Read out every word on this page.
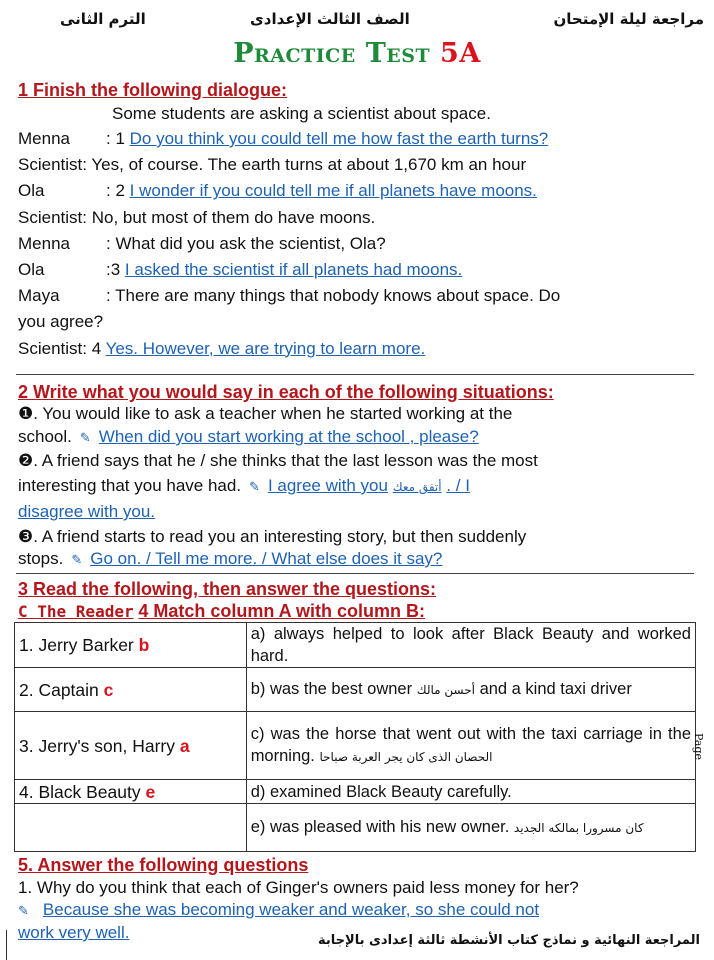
الترم الثانى	الصف الثالث الإعدادى	مراجعة ليلة الإمتحان
Practice Test 5A
1 Finish the following dialogue:
Some students are asking a scientist about space.
Menna : 1 Do you think you could tell me how fast the earth turns?
Scientist: Yes, of course. The earth turns at about 1,670 km an hour
Ola	: 2 I wonder if you could tell me if all planets have moons.
Scientist: No, but most of them do have moons.
Menna : What did you ask the scientist, Ola?
Ola	:3 I asked the scientist if all planets had moons.
Maya	: There are many things that nobody knows about space. Do
you agree?
Scientist: 4 Yes. However, we are trying to learn more.
2 Write what you would say in each of the following situations:
❶. You would like to ask a teacher when he started working at the
school. ✎ When did you start working at the school , please?
❷. A friend says that he / she thinks that the last lesson was the most
interesting that you have had. ✎ I agree with you أتفق معك . / I
disagree with you.
❸. A friend starts to read you an interesting story, but then suddenly
stops. ✎ Go on. / Tell me more. / What else does it say?
3 Read the following, then answer the questions:
C The Reader 4 Match column A with column B:
1. Jerry Barker b	a) always helped to look after Black Beauty and worked hard.
2. Captain c	b) was the best owner أحسن مالك and a kind taxi driver
3. Jerry's son, Harry a	c) was the horse that went out with the taxi carriage in the morning. الحصان الذى كان يجر العربة صباحا
4. Black Beauty e	d) examined Black Beauty carefully.
	e) was pleased with his new owner. كان مسرورا بمالكه الجديد
Page
5. Answer the following questions
1. Why do you think that each of Ginger's owners paid less money for her?
✎ Because she was becoming weaker and weaker, so she could not
work very well.	المراجعة النهائية و نماذج كتاب الأنشطة ثالثة إعدادى بالإجابة
